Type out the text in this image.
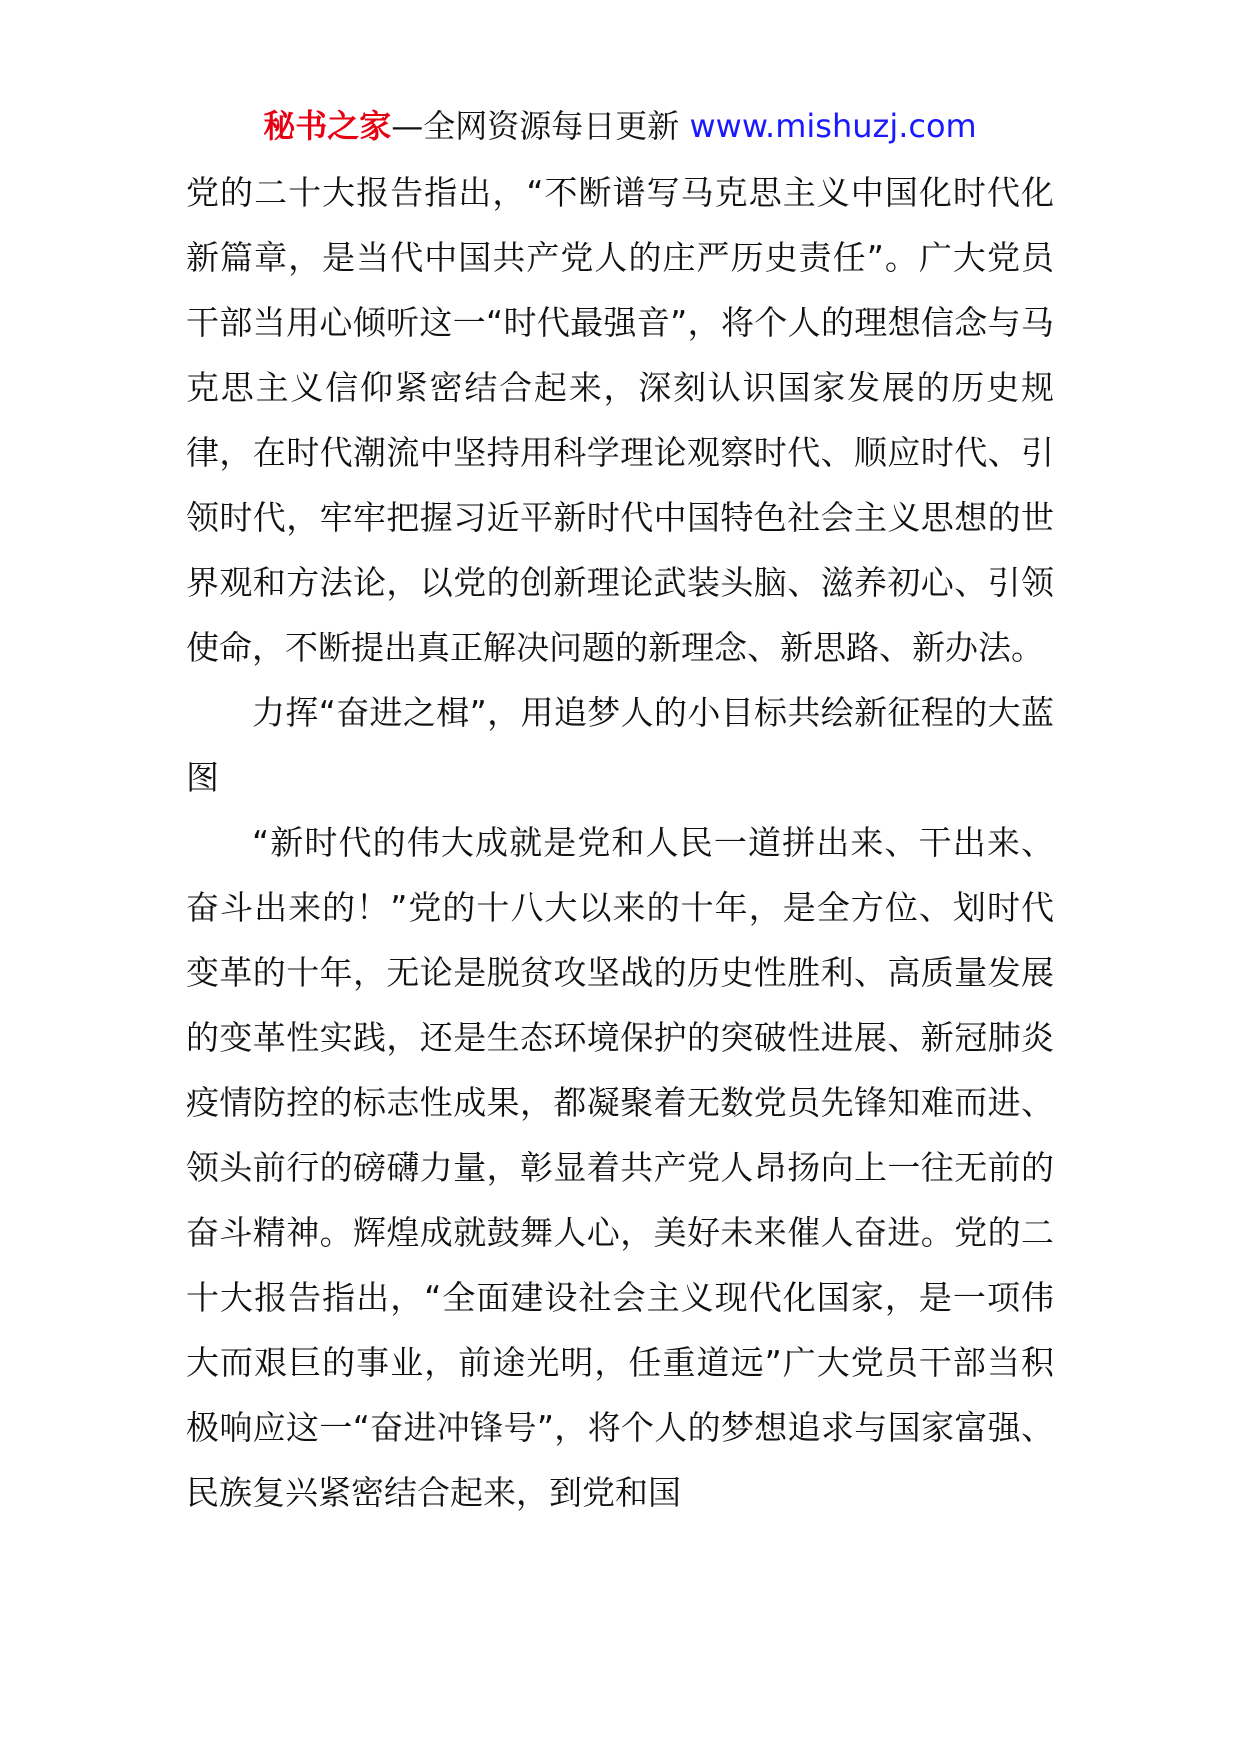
秘书之家—全网资源每日更新 www.mishuzj.com

党的二十大报告指出，“不断谱写马克思主义中国化时代化新篇章，是当代中国共产党人的庄严历史责任”。广大党员干部当用心倾听这一“时代最强音”，将个人的理想信念与马克思主义信仰紧密结合起来，深刻认识国家发展的历史规律，在时代潮流中坚持用科学理论观察时代、顺应时代、引领时代，牢牢把握习近平新时代中国特色社会主义思想的世界观和方法论，以党的创新理论武装头脑、滋养初心、引领使命，不断提出真正解决问题的新理念、新思路、新办法。

力挥“奋进之楫”，用追梦人的小目标共绘新征程的大蓝图

“新时代的伟大成就是党和人民一道拼出来、干出来、奋斗出来的！”党的十八大以来的十年，是全方位、划时代变革的十年，无论是脱贫攻坚战的历史性胜利、高质量发展的变革性实践，还是生态环境保护的突破性进展、新冠肺炎疫情防控的标志性成果，都凝聚着无数党员先锋知难而进、领头前行的磅礴力量，彰显着共产党人昂扬向上一往无前的奋斗精神。辉煌成就鼓舞人心，美好未来催人奋进。党的二十大报告指出，“全面建设社会主义现代化国家，是一项伟大而艰巨的事业，前途光明，任重道远”广大党员干部当积极响应这一“奋进冲锋号”，将个人的梦想追求与国家富强、民族复兴紧密结合起来，到党和国
